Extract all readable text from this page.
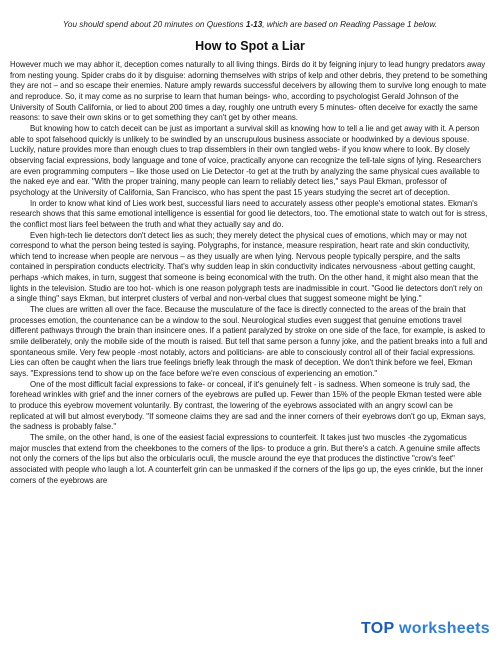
You should spend about 20 minutes on Questions 1-13, which are based on Reading Passage 1 below.
How to Spot a Liar

However much we may abhor it, deception comes naturally to all living things. Birds do it by feigning injury to lead hungry predators away from nesting young. Spider crabs do it by disguise: adorning themselves with strips of kelp and other debris, they pretend to be something they are not – and so escape their enemies. Nature amply rewards successful deceivers by allowing them to survive long enough to mate and reproduce. So, it may come as no surprise to learn that human beings- who, according to psychologist Gerald Johnson of the University of South California, or lied to about 200 times a day, roughly one untruth every 5 minutes- often deceive for exactly the same reasons: to save their own skins or to get something they can't get by other means.

But knowing how to catch deceit can be just as important a survival skill as knowing how to tell a lie and get away with it. A person able to spot falsehood quickly is unlikely to be swindled by an unscrupulous business associate or hoodwinked by a devious spouse. Luckily, nature provides more than enough clues to trap dissemblers in their own tangled webs- if you know where to look. By closely observing facial expressions, body language and tone of voice, practically anyone can recognize the tell-tale signs of lying. Researchers are even programming computers – like those used on Lie Detector -to get at the truth by analyzing the same physical cues available to the naked eye and ear. "With the proper training, many people can learn to reliably detect lies," says Paul Ekman, professor of psychology at the University of California, San Francisco, who has spent the past 15 years studying the secret art of deception.

In order to know what kind of Lies work best, successful liars need to accurately assess other people's emotional states. Ekman's research shows that this same emotional intelligence is essential for good lie detectors, too. The emotional state to watch out for is stress, the conflict most liars feel between the truth and what they actually say and do.

Even high-tech lie detectors don't detect lies as such; they merely detect the physical cues of emotions, which may or may not correspond to what the person being tested is saying. Polygraphs, for instance, measure respiration, heart rate and skin conductivity, which tend to increase when people are nervous – as they usually are when lying. Nervous people typically perspire, and the salts contained in perspiration conducts electricity. That's why sudden leap in skin conductivity indicates nervousness -about getting caught, perhaps -which makes, in turn, suggest that someone is being economical with the truth. On the other hand, it might also mean that the lights in the television. Studio are too hot- which is one reason polygraph tests are inadmissible in court. "Good lie detectors don't rely on a single thing" says Ekman, but interpret clusters of verbal and non-verbal clues that suggest someone might be lying."

The clues are written all over the face. Because the musculature of the face is directly connected to the areas of the brain that processes emotion, the countenance can be a window to the soul. Neurological studies even suggest that genuine emotions travel different pathways through the brain than insincere ones. If a patient paralyzed by stroke on one side of the face, for example, is asked to smile deliberately, only the mobile side of the mouth is raised. But tell that same person a funny joke, and the patient breaks into a full and spontaneous smile. Very few people -most notably, actors and politicians- are able to consciously control all of their facial expressions. Lies can often be caught when the liars true feelings briefly leak through the mask of deception. We don't think before we feel, Ekman says. "Expressions tend to show up on the face before we're even conscious of experiencing an emotion."

One of the most difficult facial expressions to fake- or conceal, if it's genuinely felt - is sadness. When someone is truly sad, the forehead wrinkles with grief and the inner corners of the eyebrows are pulled up. Fewer than 15% of the people Ekman tested were able to produce this eyebrow movement voluntarily. By contrast, the lowering of the eyebrows associated with an angry scowl can be replicated at will but almost everybody. "If someone claims they are sad and the inner corners of their eyebrows don't go up, Ekman says, the sadness is probably false."

The smile, on the other hand, is one of the easiest facial expressions to counterfeit. It takes just two muscles -the zygomaticus major muscles that extend from the cheekbones to the corners of the lips- to produce a grin. But there's a catch. A genuine smile affects not only the corners of the lips but also the orbicularis oculi, the muscle around the eye that produces the distinctive "crow's feet" associated with people who laugh a lot. A counterfeit grin can be unmasked if the corners of the lips go up, the eyes crinkle, but the inner corners of the eyebrows are

TOP worksheets
